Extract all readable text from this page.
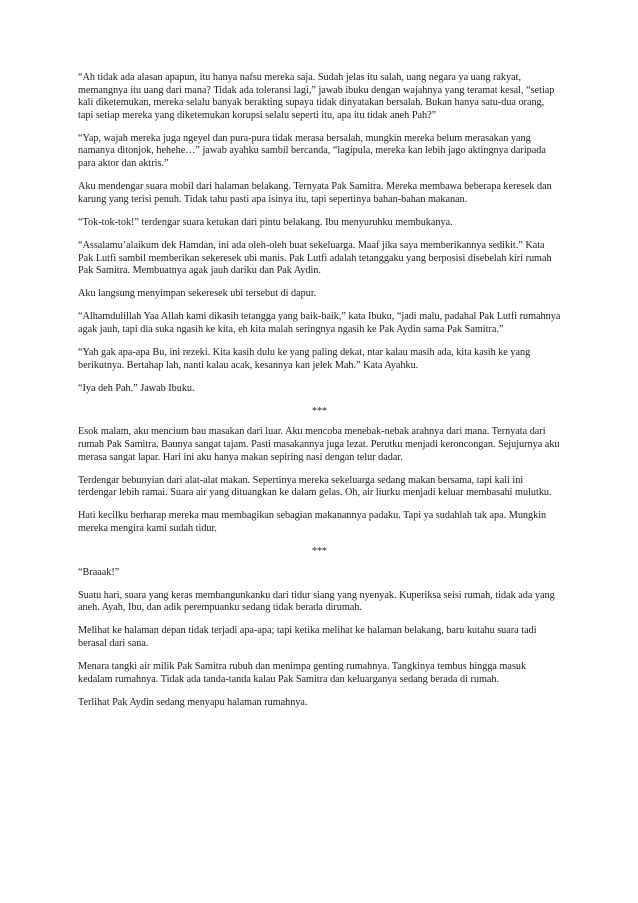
“Ah tidak ada alasan apapun, itu hanya nafsu mereka saja. Sudah jelas itu salah, uang negara ya uang rakyat, memangnya itu uang dari mana? Tidak ada toleransi lagi,” jawab ibuku dengan wajahnya yang teramat kesal, “setiap kali diketemukan, mereka selalu banyak berakting supaya tidak dinyatakan bersalah. Bukan hanya satu-dua orang, tapi setiap mereka yang diketemukan korupsi selalu seperti itu, apa itu tidak aneh Pah?”

“Yap, wajah mereka juga ngeyel dan pura-pura tidak merasa bersalah, mungkin mereka belum merasakan yang namanya ditonjok, hehehe…” jawab ayahku sambil bercanda, “lagipula, mereka kan lebih jago aktingnya daripada para aktor dan aktris.”

Aku mendengar suara mobil dari halaman belakang. Ternyata Pak Samitra. Mereka membawa beberapa keresek dan karung yang terisi penuh. Tidak tahu pasti apa isinya itu, tapi sepertinya bahan-bahan makanan.

“Tok-tok-tok!” terdengar suara ketukan dari pintu belakang. Ibu menyuruhku membukanya.

“Assalamu’alaikum dek Hamdan, ini ada oleh-oleh buat sekeluarga. Maaf jika saya memberikannya sedikit.” Kata Pak Lutfi sambil memberikan sekeresek ubi manis. Pak Lutfi adalah tetanggaku yang berposisi disebelah kiri rumah Pak Samitra. Membuatnya agak jauh dariku dan Pak Aydin.

Aku langsung menyimpan sekeresek ubi tersebut di dapur.

“Alhamdulillah Yaa Allah kami dikasih tetangga yang baik-baik,” kata Ibuku, “jadi malu, padahal Pak Lutfi rumahnya agak jauh, tapi dia suka ngasih ke kita, eh kita malah seringnya ngasih ke Pak Aydin sama Pak Samitra.”

“Yah gak apa-apa Bu, ini rezeki. Kita kasih dulu ke yang paling dekat, ntar kalau masih ada, kita kasih ke yang berikutnya. Bertahap lah, nanti kalau acak, kesannya kan jelek Mah.” Kata Ayahku.

“Iya deh Pah.” Jawab Ibuku.

***

Esok malam, aku mencium bau masakan dari luar. Aku mencoba menebak-nebak arahnya dari mana. Ternyata dari rumah Pak Samitra. Baunya sangat tajam. Pasti masakannya juga lezat. Perutku menjadi keroncongan. Sejujurnya aku merasa sangat lapar. Hari ini aku hanya makan sepiring nasi dengan telur dadar.

Terdengar bebunyian dari alat-alat makan. Sepertinya mereka sekeluarga sedang makan bersama, tapi kali ini terdengar lebih ramai. Suara air yang dituangkan ke dalam gelas. Oh, air liurku menjadi keluar membasahi mulutku.

Hati kecilku berharap mereka mau membagikan sebagian makanannya padaku. Tapi ya sudahlah tak apa. Mungkin mereka mengira kami sudah tidur.

***

“Braaak!”

Suatu hari, suara yang keras membangunkanku dari tidur siang yang nyenyak. Kuperiksa seisi rumah, tidak ada yang aneh. Ayah, Ibu, dan adik perempuanku sedang tidak berada dirumah.

Melihat ke halaman depan tidak terjadi apa-apa; tapi ketika melihat ke halaman belakang, baru kutahu suara tadi berasal dari sana.

Menara tangki air milik Pak Samitra rubuh dan menimpa genting rumahnya. Tangkinya tembus hingga masuk kedalam rumahnya. Tidak ada tanda-tanda kalau Pak Samitra dan keluarganya sedang berada di rumah.

Terlihat Pak Aydin sedang menyapu halaman rumahnya.
